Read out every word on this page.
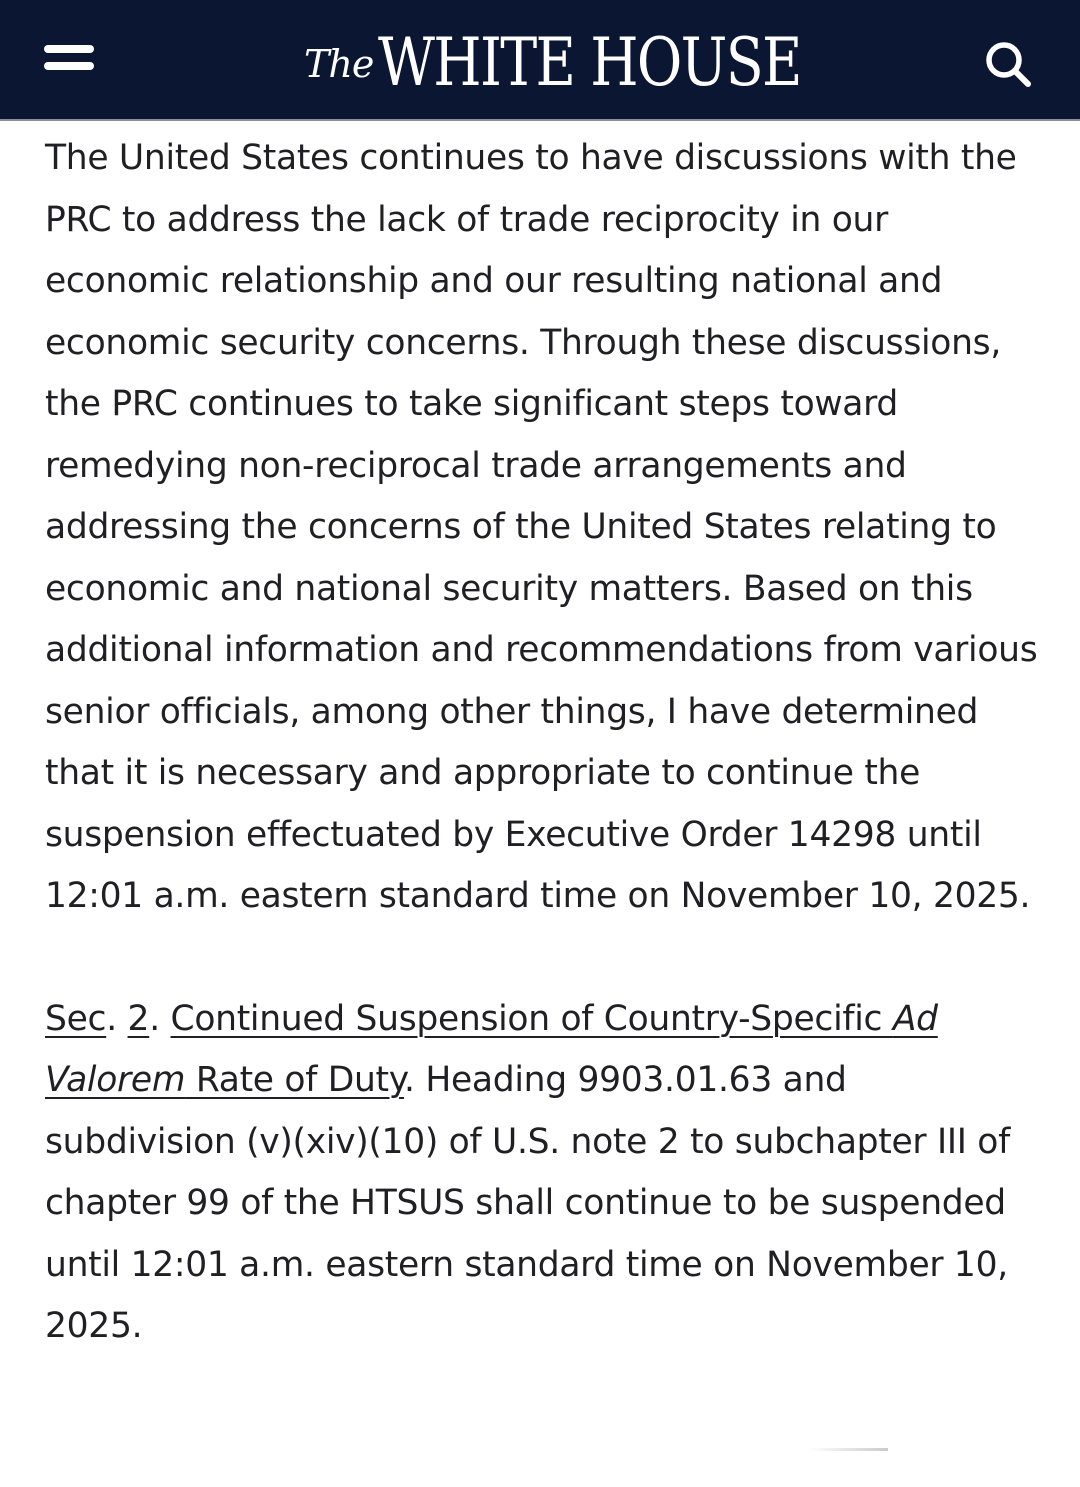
The WHITE HOUSE

The United States continues to have discussions with the PRC to address the lack of trade reciprocity in our economic relationship and our resulting national and economic security concerns. Through these discussions, the PRC continues to take significant steps toward remedying non-reciprocal trade arrangements and addressing the concerns of the United States relating to economic and national security matters. Based on this additional information and recommendations from various senior officials, among other things, I have determined that it is necessary and appropriate to continue the suspension effectuated by Executive Order 14298 until 12:01 a.m. eastern standard time on November 10, 2025.

Sec. 2. Continued Suspension of Country-Specific Ad Valorem Rate of Duty. Heading 9903.01.63 and subdivision (v)(xiv)(10) of U.S. note 2 to subchapter III of chapter 99 of the HTSUS shall continue to be suspended until 12:01 a.m. eastern standard time on November 10, 2025.
